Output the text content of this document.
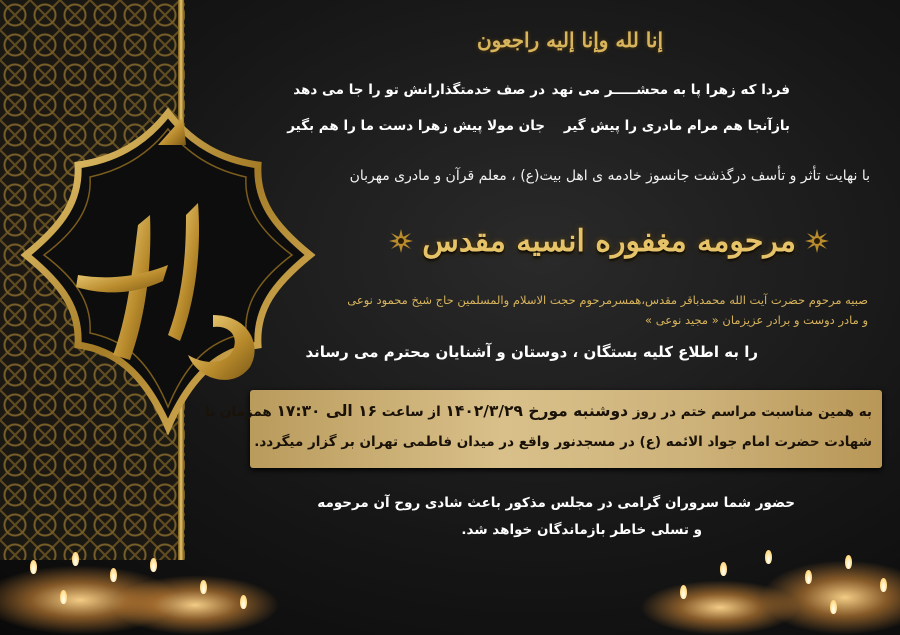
إنا لله وإنا إليه راجعون
فردا که زهرا پا به محشـــــر می نهد
در صف خدمتگذارانش تو را جا می دهد
بازآنجا هم مرام مادری را پیش گیر
جان مولا پیش زهرا دست ما را هم بگیر
با نهایت تأثر و تأسف درگذشت جانسوز خادمه ی اهل بیت(ع) ، معلم قرآن و مادری مهربان
مرحومه مغفوره انسیه مقدس
صبیه مرحوم حضرت آیت الله محمدباقر مقدس،همسرمرحوم حجت الاسلام والمسلمین حاج شیخ محمود نوعی
و مادر دوست و برادر عزیزمان « مجید نوعی »
را به اطلاع کلیه بستگان ، دوستان و آشنایان محترم می رساند
به همین مناسبت مراسم ختم در روز دوشنبه مورخ ۱۴۰۲/۳/۲۹ از ساعت ۱۶ الی ۱۷:۳۰ همزمان با
شهادت حضرت امام جواد الائمه (ع) در مسجدنور واقع در میدان فاطمی تهران بر گزار میگردد.
حضور شما سروران گرامی در مجلس مذکور باعث شادی روح آن مرحومه
و تسلی خاطر بازماندگان خواهد شد.
